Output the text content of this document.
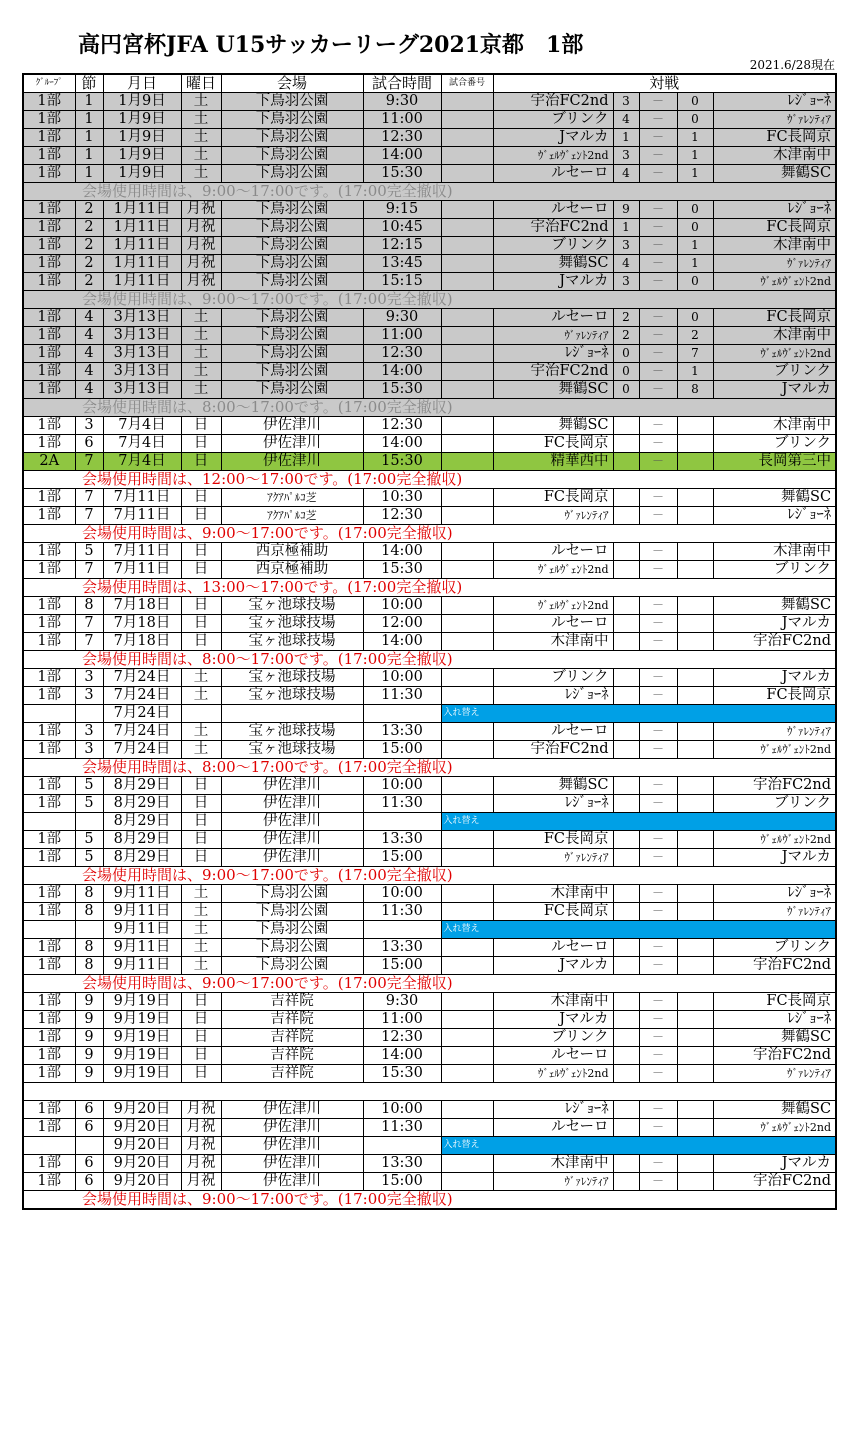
高円宮杯JFA U15サッカーリーグ2021京都　1部
2021.6/28現在
ｸﾞﾙｰﾌﾟ	節	月日	曜日	会場	試合時間	試合番号	対戦				
1部	1	1月9日	土	下鳥羽公園	9:30		宇治FC2nd	3	－	0	ﾚｼﾞｮｰﾈ
1部	1	1月9日	土	下鳥羽公園	11:00		ブリンク	4	－	0	ｳﾞｧﾚﾝﾃｨｱ
1部	1	1月9日	土	下鳥羽公園	12:30		Jマルカ	1	－	1	FC長岡京
1部	1	1月9日	土	下鳥羽公園	14:00		ｳﾞｪﾙｳﾞｪﾝﾄ2nd	3	－	1	木津南中
1部	1	1月9日	土	下鳥羽公園	15:30		ルセーロ	4	－	1	舞鶴SC
会場使用時間は、9:00～17:00です。(17:00完全撤収)											
1部	2	1月11日	月祝	下鳥羽公園	9:15		ルセーロ	9	－	0	ﾚｼﾞｮｰﾈ
1部	2	1月11日	月祝	下鳥羽公園	10:45		宇治FC2nd	1	－	0	FC長岡京
1部	2	1月11日	月祝	下鳥羽公園	12:15		ブリンク	3	－	1	木津南中
1部	2	1月11日	月祝	下鳥羽公園	13:45		舞鶴SC	4	－	1	ｳﾞｧﾚﾝﾃｨｱ
1部	2	1月11日	月祝	下鳥羽公園	15:15		Jマルカ	3	－	0	ｳﾞｪﾙｳﾞｪﾝﾄ2nd
会場使用時間は、9:00～17:00です。(17:00完全撤収)											
1部	4	3月13日	土	下鳥羽公園	9:30		ルセーロ	2	－	0	FC長岡京
1部	4	3月13日	土	下鳥羽公園	11:00		ｳﾞｧﾚﾝﾃｨｱ	2	－	2	木津南中
1部	4	3月13日	土	下鳥羽公園	12:30		ﾚｼﾞｮｰﾈ	0	－	7	ｳﾞｪﾙｳﾞｪﾝﾄ2nd
1部	4	3月13日	土	下鳥羽公園	14:00		宇治FC2nd	0	－	1	ブリンク
1部	4	3月13日	土	下鳥羽公園	15:30		舞鶴SC	0	－	8	Jマルカ
会場使用時間は、8:00～17:00です。(17:00完全撤収)											
1部	3	7月4日	日	伊佐津川	12:30		舞鶴SC		－		木津南中
1部	6	7月4日	日	伊佐津川	14:00		FC長岡京		－		ブリンク
2A	7	7月4日	日	伊佐津川	15:30		精華西中		－		長岡第三中
会場使用時間は、12:00～17:00です。(17:00完全撤収)											
1部	7	7月11日	日	ｱｸｱﾊﾟﾙｺ芝	10:30		FC長岡京		－		舞鶴SC
1部	7	7月11日	日	ｱｸｱﾊﾟﾙｺ芝	12:30		ｳﾞｧﾚﾝﾃｨｱ		－		ﾚｼﾞｮｰﾈ
会場使用時間は、9:00～17:00です。(17:00完全撤収)											
1部	5	7月11日	日	西京極補助	14:00		ルセーロ		－		木津南中
1部	7	7月11日	日	西京極補助	15:30		ｳﾞｪﾙｳﾞｪﾝﾄ2nd		－		ブリンク
会場使用時間は、13:00～17:00です。(17:00完全撤収)											
1部	8	7月18日	日	宝ヶ池球技場	10:00		ｳﾞｪﾙｳﾞｪﾝﾄ2nd		－		舞鶴SC
1部	7	7月18日	日	宝ヶ池球技場	12:00		ルセーロ		－		Jマルカ
1部	7	7月18日	日	宝ヶ池球技場	14:00		木津南中		－		宇治FC2nd
会場使用時間は、8:00～17:00です。(17:00完全撤収)											
1部	3	7月24日	土	宝ヶ池球技場	10:00		ブリンク		－		Jマルカ
1部	3	7月24日	土	宝ヶ池球技場	11:30		ﾚｼﾞｮｰﾈ		－		FC長岡京
		7月24日				入れ替え					
1部	3	7月24日	土	宝ヶ池球技場	13:30		ルセーロ		－		ｳﾞｧﾚﾝﾃｨｱ
1部	3	7月24日	土	宝ヶ池球技場	15:00		宇治FC2nd		－		ｳﾞｪﾙｳﾞｪﾝﾄ2nd
会場使用時間は、8:00～17:00です。(17:00完全撤収)											
1部	5	8月29日	日	伊佐津川	10:00		舞鶴SC		－		宇治FC2nd
1部	5	8月29日	日	伊佐津川	11:30		ﾚｼﾞｮｰﾈ		－		ブリンク
		8月29日	日	伊佐津川		入れ替え					
1部	5	8月29日	日	伊佐津川	13:30		FC長岡京		－		ｳﾞｪﾙｳﾞｪﾝﾄ2nd
1部	5	8月29日	日	伊佐津川	15:00		ｳﾞｧﾚﾝﾃｨｱ		－		Jマルカ
会場使用時間は、9:00～17:00です。(17:00完全撤収)											
1部	8	9月11日	土	下鳥羽公園	10:00		木津南中		－		ﾚｼﾞｮｰﾈ
1部	8	9月11日	土	下鳥羽公園	11:30		FC長岡京		－		ｳﾞｧﾚﾝﾃｨｱ
		9月11日	土	下鳥羽公園		入れ替え					
1部	8	9月11日	土	下鳥羽公園	13:30		ルセーロ		－		ブリンク
1部	8	9月11日	土	下鳥羽公園	15:00		Jマルカ		－		宇治FC2nd
会場使用時間は、9:00～17:00です。(17:00完全撤収)											
1部	9	9月19日	日	吉祥院	9:30		木津南中		－		FC長岡京
1部	9	9月19日	日	吉祥院	11:00		Jマルカ		－		ﾚｼﾞｮｰﾈ
1部	9	9月19日	日	吉祥院	12:30		ブリンク		－		舞鶴SC
1部	9	9月19日	日	吉祥院	14:00		ルセーロ		－		宇治FC2nd
1部	9	9月19日	日	吉祥院	15:30		ｳﾞｪﾙｳﾞｪﾝﾄ2nd		－		ｳﾞｧﾚﾝﾃｨｱ

1部	6	9月20日	月祝	伊佐津川	10:00		ﾚｼﾞｮｰﾈ		－		舞鶴SC
1部	6	9月20日	月祝	伊佐津川	11:30		ルセーロ		－		ｳﾞｪﾙｳﾞｪﾝﾄ2nd
		9月20日	月祝	伊佐津川		入れ替え					
1部	6	9月20日	月祝	伊佐津川	13:30		木津南中		－		Jマルカ
1部	6	9月20日	月祝	伊佐津川	15:00		ｳﾞｧﾚﾝﾃｨｱ		－		宇治FC2nd
会場使用時間は、9:00～17:00です。(17:00完全撤収)											
